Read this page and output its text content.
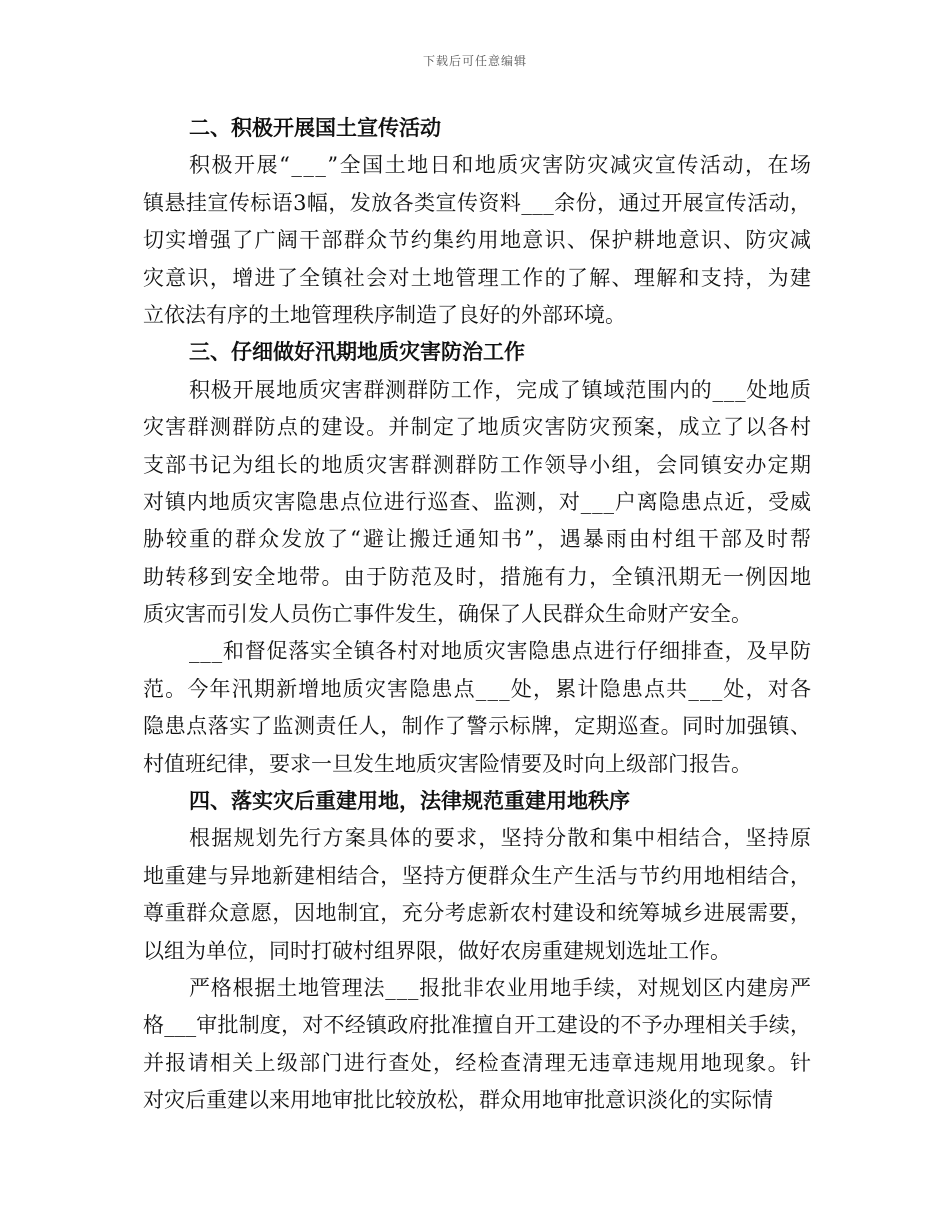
下载后可任意编辑
二、积极开展国土宣传活动
积极开展“___”全国土地日和地质灾害防灾减灾宣传活动，在场
镇悬挂宣传标语3幅，发放各类宣传资料___余份，通过开展宣传活动，
切实增强了广阔干部群众节约集约用地意识、保护耕地意识、防灾减
灾意识，增进了全镇社会对土地管理工作的了解、理解和支持，为建
立依法有序的土地管理秩序制造了良好的外部环境。
三、仔细做好汛期地质灾害防治工作
积极开展地质灾害群测群防工作，完成了镇域范围内的___处地质
灾害群测群防点的建设。并制定了地质灾害防灾预案，成立了以各村
支部书记为组长的地质灾害群测群防工作领导小组，会同镇安办定期
对镇内地质灾害隐患点位进行巡查、监测，对___户离隐患点近，受威
胁较重的群众发放了“避让搬迁通知书”，遇暴雨由村组干部及时帮
助转移到安全地带。由于防范及时，措施有力，全镇汛期无一例因地
质灾害而引发人员伤亡事件发生，确保了人民群众生命财产安全。
___和督促落实全镇各村对地质灾害隐患点进行仔细排查，及早防
范。今年汛期新增地质灾害隐患点___处，累计隐患点共___处，对各
隐患点落实了监测责任人，制作了警示标牌，定期巡查。同时加强镇、
村值班纪律，要求一旦发生地质灾害险情要及时向上级部门报告。
四、落实灾后重建用地，法律规范重建用地秩序
根据规划先行方案具体的要求，坚持分散和集中相结合，坚持原
地重建与异地新建相结合，坚持方便群众生产生活与节约用地相结合，
尊重群众意愿，因地制宜，充分考虑新农村建设和统筹城乡进展需要，
以组为单位，同时打破村组界限，做好农房重建规划选址工作。
严格根据土地管理法___报批非农业用地手续，对规划区内建房严
格___审批制度，对不经镇政府批准擅自开工建设的不予办理相关手续，
并报请相关上级部门进行查处，经检查清理无违章违规用地现象。针
对灾后重建以来用地审批比较放松，群众用地审批意识淡化的实际情
